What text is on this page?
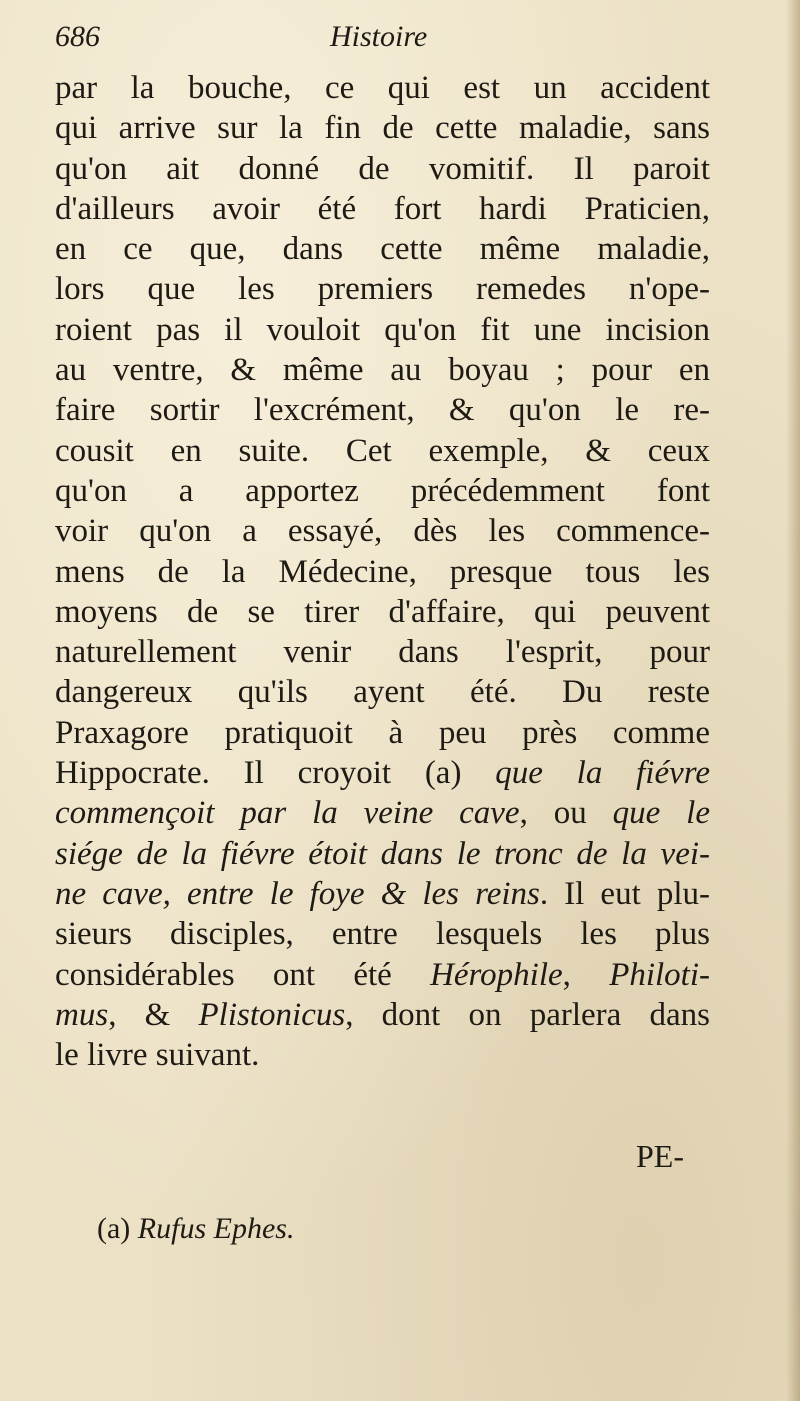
686	Histoire
par la bouche, ce qui est un accident
qui arrive sur la fin de cette maladie, sans
qu'on ait donné de vomitif. Il paroit
d'ailleurs avoir été fort hardi Praticien,
en ce que, dans cette même maladie,
lors que les premiers remedes n'ope-
roient pas il vouloit qu'on fit une incision
au ventre, & même au boyau ; pour en
faire sortir l'excrément, & qu'on le re-
cousit en suite. Cet exemple, & ceux
qu'on a apportez précédemment font
voir qu'on a essayé, dès les commence-
mens de la Médecine, presque tous les
moyens de se tirer d'affaire, qui peuvent
naturellement venir dans l'esprit, pour
dangereux qu'ils ayent été. Du reste
Praxagore pratiquoit à peu près comme
Hippocrate. Il croyoit (a) que la fiévre
commençoit par la veine cave, ou que le
siége de la fiévre étoit dans le tronc de la vei-
ne cave, entre le foye & les reins. Il eut plu-
sieurs disciples, entre lesquels les plus
considérables ont été Hérophile, Philoti-
mus, & Plistonicus, dont on parlera dans
le livre suivant.
PE-
(a) Rufus Ephes.
